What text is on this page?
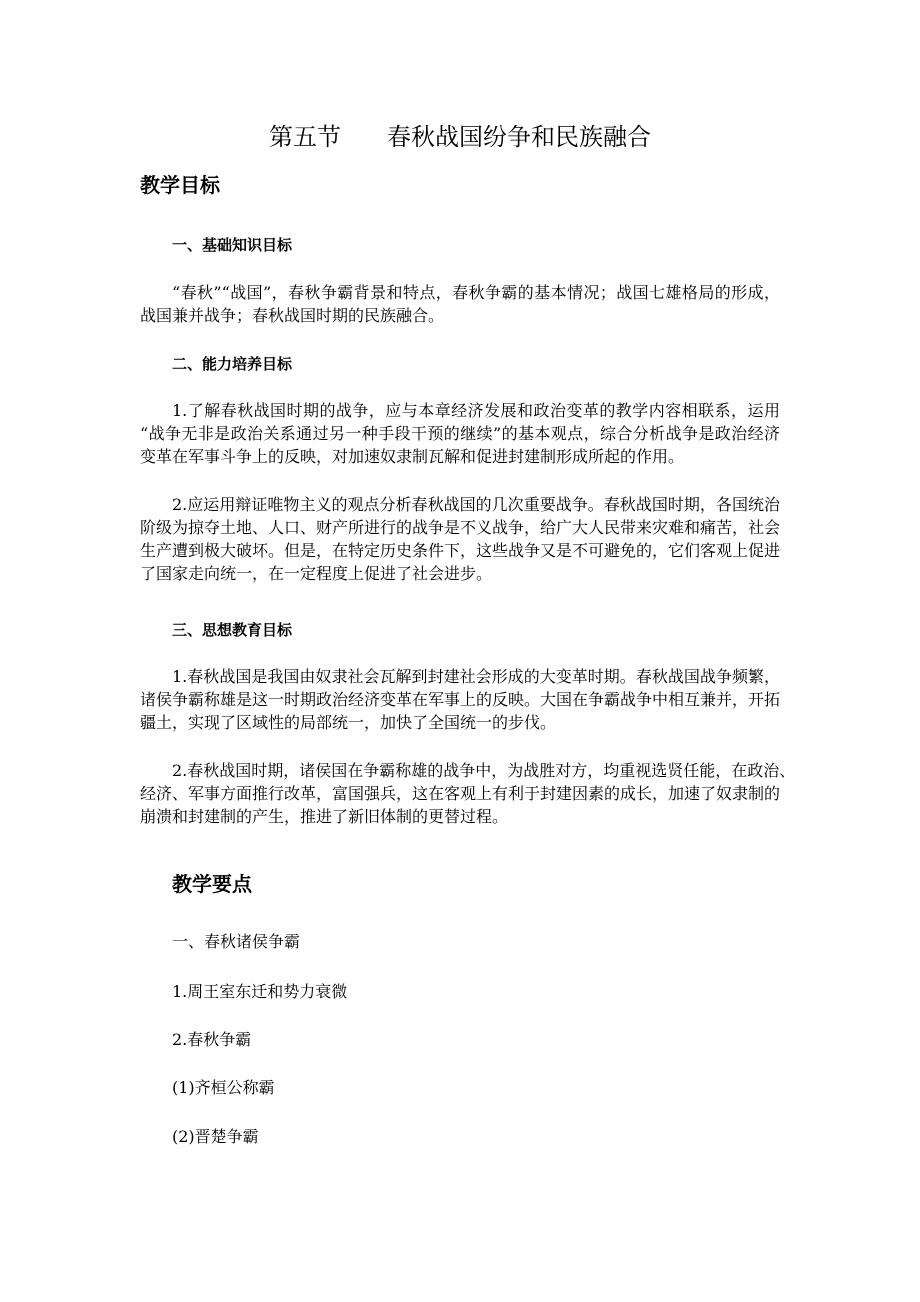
第五节 春秋战国纷争和民族融合
教学目标
一、基础知识目标
“春秋”“战国”，春秋争霸背景和特点，春秋争霸的基本情况；战国七雄格局的形成，
战国兼并战争；春秋战国时期的民族融合。
二、能力培养目标
1.了解春秋战国时期的战争，应与本章经济发展和政治变革的教学内容相联系，运用
“战争无非是政治关系通过另一种手段干预的继续”的基本观点，综合分析战争是政治经济
变革在军事斗争上的反映，对加速奴隶制瓦解和促进封建制形成所起的作用。
2.应运用辩证唯物主义的观点分析春秋战国的几次重要战争。春秋战国时期，各国统治
阶级为掠夺土地、人口、财产所进行的战争是不义战争，给广大人民带来灾难和痛苦，社会
生产遭到极大破坏。但是，在特定历史条件下，这些战争又是不可避免的，它们客观上促进
了国家走向统一，在一定程度上促进了社会进步。
三、思想教育目标
1.春秋战国是我国由奴隶社会瓦解到封建社会形成的大变革时期。春秋战国战争频繁，
诸侯争霸称雄是这一时期政治经济变革在军事上的反映。大国在争霸战争中相互兼并，开拓
疆土，实现了区域性的局部统一，加快了全国统一的步伐。
2.春秋战国时期，诸侯国在争霸称雄的战争中，为战胜对方，均重视选贤任能，在政治、
经济、军事方面推行改革，富国强兵，这在客观上有利于封建因素的成长，加速了奴隶制的
崩溃和封建制的产生，推进了新旧体制的更替过程。
教学要点
一、春秋诸侯争霸
1.周王室东迁和势力衰微
2.春秋争霸
(1)齐桓公称霸
(2)晋楚争霸
